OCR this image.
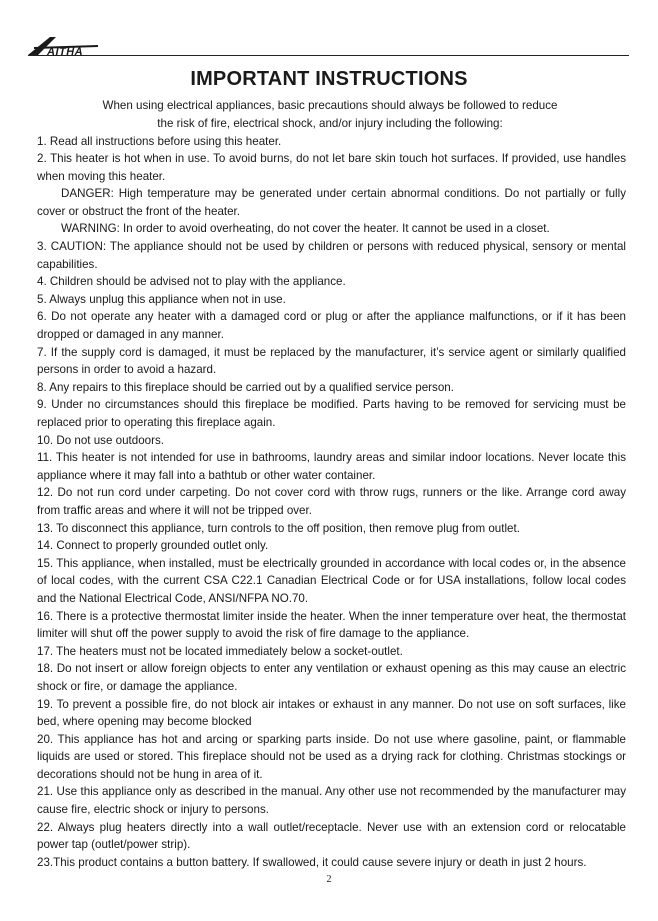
AITHA
IMPORTANT INSTRUCTIONS
When using electrical appliances, basic precautions should always be followed to reduce
the risk of fire, electrical shock, and/or injury including the following:

1. Read all instructions before using this heater.

2. This heater is hot when in use. To avoid burns, do not let bare skin touch hot surfaces. If provided, use handles when moving this heater.

DANGER: High temperature may be generated under certain abnormal conditions. Do not partially or fully cover or obstruct the front of the heater.

WARNING: In order to avoid overheating, do not cover the heater. It cannot be used in a closet.

3. CAUTION: The appliance should not be used by children or persons with reduced physical, sensory or mental capabilities.

4. Children should be advised not to play with the appliance.

5. Always unplug this appliance when not in use.

6. Do not operate any heater with a damaged cord or plug or after the appliance malfunctions, or if it has been dropped or damaged in any manner.

7. If the supply cord is damaged, it must be replaced by the manufacturer, it’s service agent or similarly qualified persons in order to avoid a hazard.

8. Any repairs to this fireplace should be carried out by a qualified service person.

9. Under no circumstances should this fireplace be modified. Parts having to be removed for servicing must be replaced prior to operating this fireplace again.

10. Do not use outdoors.

11. This heater is not intended for use in bathrooms, laundry areas and similar indoor locations. Never locate this appliance where it may fall into a bathtub or other water container.

12. Do not run cord under carpeting. Do not cover cord with throw rugs, runners or the like. Arrange cord away from traffic areas and where it will not be tripped over.

13. To disconnect this appliance, turn controls to the off position, then remove plug from outlet.

14. Connect to properly grounded outlet only.

15. This appliance, when installed, must be electrically grounded in accordance with local codes or, in the absence of local codes, with the current CSA C22.1 Canadian Electrical Code or for USA installations, follow local codes and the National Electrical Code, ANSI/NFPA NO.70.

16. There is a protective thermostat limiter inside the heater. When the inner temperature over heat, the thermostat limiter will shut off the power supply to avoid the risk of fire damage to the appliance.

17. The heaters must not be located immediately below a socket-outlet.

18. Do not insert or allow foreign objects to enter any ventilation or exhaust opening as this may cause an electric shock or fire, or damage the appliance.

19. To prevent a possible fire, do not block air intakes or exhaust in any manner. Do not use on soft surfaces, like bed, where opening may become blocked

20. This appliance has hot and arcing or sparking parts inside. Do not use where gasoline, paint, or flammable liquids are used or stored. This fireplace should not be used as a drying rack for clothing. Christmas stockings or decorations should not be hung in area of it.

21. Use this appliance only as described in the manual. Any other use not recommended by the manufacturer may cause fire, electric shock or injury to persons.

22. Always plug heaters directly into a wall outlet/receptacle. Never use with an extension cord or relocatable power tap (outlet/power strip).

23.This product contains a button battery. If swallowed, it could cause severe injury or death in just 2 hours.

2
